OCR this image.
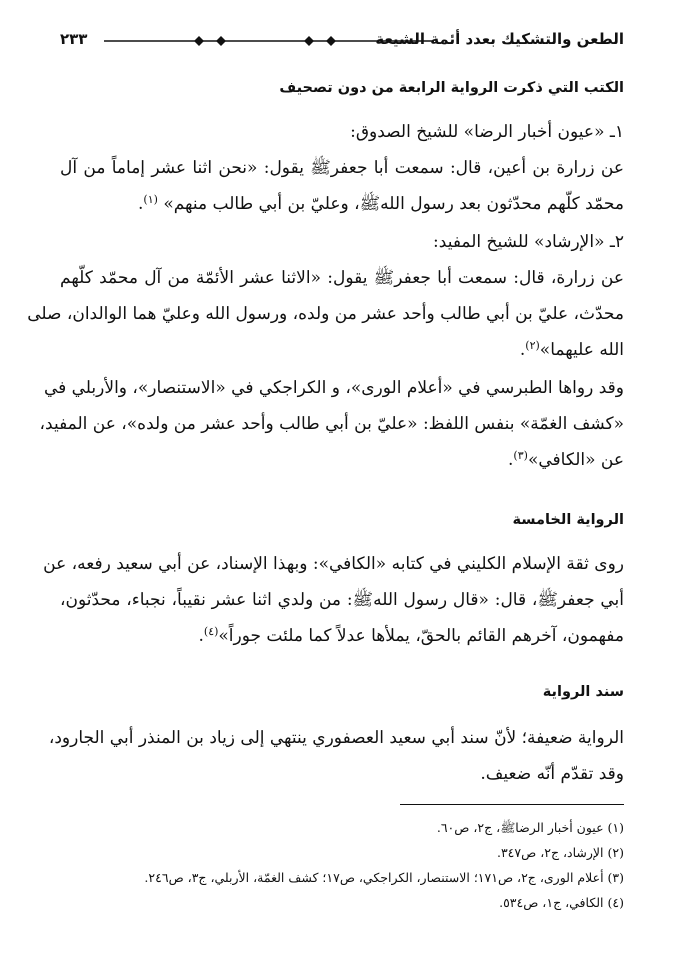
الطعن والتشكيك بعدد أئمة الشيعة
٢٣٣
الكتب التي ذكرت الرواية الرابعة من دون تصحيف
١ـ «عيون أخبار الرضا» للشيخ الصدوق:
عن زرارة بن أعين، قال: سمعت أبا جعفرﷺ يقول: «نحن اثنا عشر إماماً من آل
محمّد كلّهم محدّثون بعد رسول اللهﷺ، وعليّ بن أبي طالب منهم» $^{(١)}$.
٢ـ «الإرشاد» للشيخ المفيد:
عن زرارة، قال: سمعت أبا جعفرﷺ يقول: «الاثنا عشر الأئمّة من آل محمّد كلّهم
محدّث، عليّ بن أبي طالب وأحد عشر من ولده، ورسول الله وعليّ هما الوالدان، صلى
الله عليهما»$^{(٢)}$.
وقد رواها الطبرسي في «أعلام الورى»، و الكراجكي في «الاستنصار»، والأربلي في
«كشف الغمّة» بنفس اللفظ: «عليّ بن أبي طالب وأحد عشر من ولده»، عن المفيد،
عن «الكافي»$^{(٣)}$.
الرواية الخامسة
روى ثقة الإسلام الكليني في كتابه «الكافي»: وبهذا الإسناد، عن أبي سعيد رفعه، عن
أبي جعفرﷺ، قال: «قال رسول اللهﷺ: من ولدي اثنا عشر نقيباً، نجباء، محدّثون،
مفهمون، آخرهم القائم بالحقّ، يملأها عدلاً كما ملئت جوراً»$^{(٤)}$.
سند الرواية
الرواية ضعيفة؛ لأنّ سند أبي سعيد العصفوري ينتهي إلى زياد بن المنذر أبي الجارود،
وقد تقدّم أنّه ضعيف.
(١) عيون أخبار الرضاﷺ، ج٢، ص٦٠.
(٢) الإرشاد، ج٢، ص٣٤٧.
(٣) أعلام الورى، ج٢، ص١٧١؛ الاستنصار، الكراجكي، ص١٧؛ كشف الغمّة، الأربلي، ج٣، ص٢٤٦.
(٤) الكافي، ج١، ص٥٣٤.
